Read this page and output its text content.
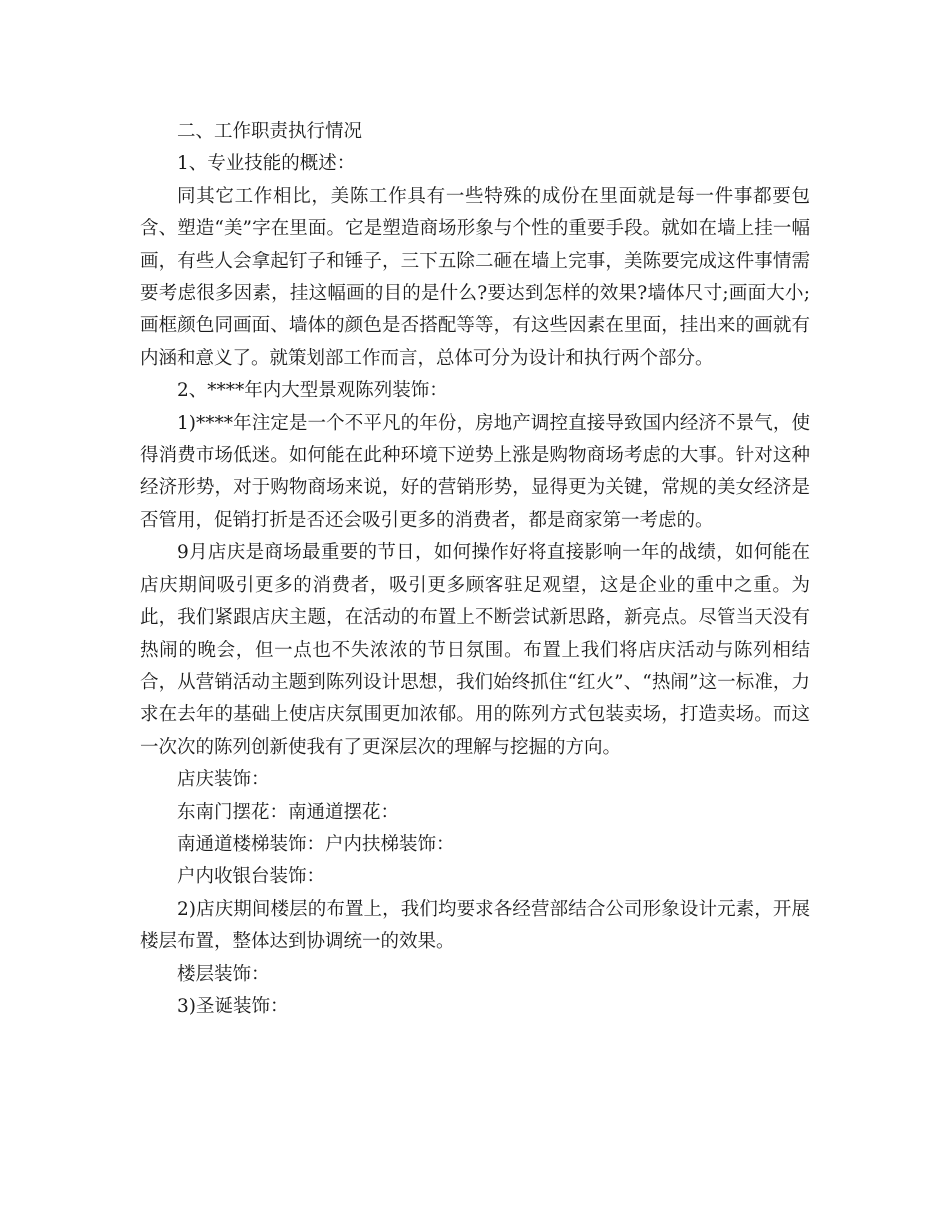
二、工作职责执行情况

1、专业技能的概述：

同其它工作相比，美陈工作具有一些特殊的成份在里面就是每一件事都要包含、塑造“美”字在里面。它是塑造商场形象与个性的重要手段。就如在墙上挂一幅画，有些人会拿起钉子和锤子，三下五除二砸在墙上完事，美陈要完成这件事情需要考虑很多因素，挂这幅画的目的是什么?要达到怎样的效果?墙体尺寸;画面大小;画框颜色同画面、墙体的颜色是否搭配等等，有这些因素在里面，挂出来的画就有内涵和意义了。就策划部工作而言，总体可分为设计和执行两个部分。

2、****年内大型景观陈列装饰：

1)****年注定是一个不平凡的年份，房地产调控直接导致国内经济不景气，使得消费市场低迷。如何能在此种环境下逆势上涨是购物商场考虑的大事。针对这种经济形势，对于购物商场来说，好的营销形势，显得更为关键，常规的美女经济是否管用，促销打折是否还会吸引更多的消费者，都是商家第一考虑的。

9月店庆是商场最重要的节日，如何操作好将直接影响一年的战绩，如何能在店庆期间吸引更多的消费者，吸引更多顾客驻足观望，这是企业的重中之重。为此，我们紧跟店庆主题，在活动的布置上不断尝试新思路，新亮点。尽管当天没有热闹的晚会，但一点也不失浓浓的节日氛围。布置上我们将店庆活动与陈列相结合，从营销活动主题到陈列设计思想，我们始终抓住“红火”、“热闹”这一标准，力求在去年的基础上使店庆氛围更加浓郁。用的陈列方式包装卖场，打造卖场。而这一次次的陈列创新使我有了更深层次的理解与挖掘的方向。

店庆装饰：

东南门摆花：南通道摆花：

南通道楼梯装饰：户内扶梯装饰：

户内收银台装饰：

2)店庆期间楼层的布置上，我们均要求各经营部结合公司形象设计元素，开展楼层布置，整体达到协调统一的效果。

楼层装饰：

3)圣诞装饰：
